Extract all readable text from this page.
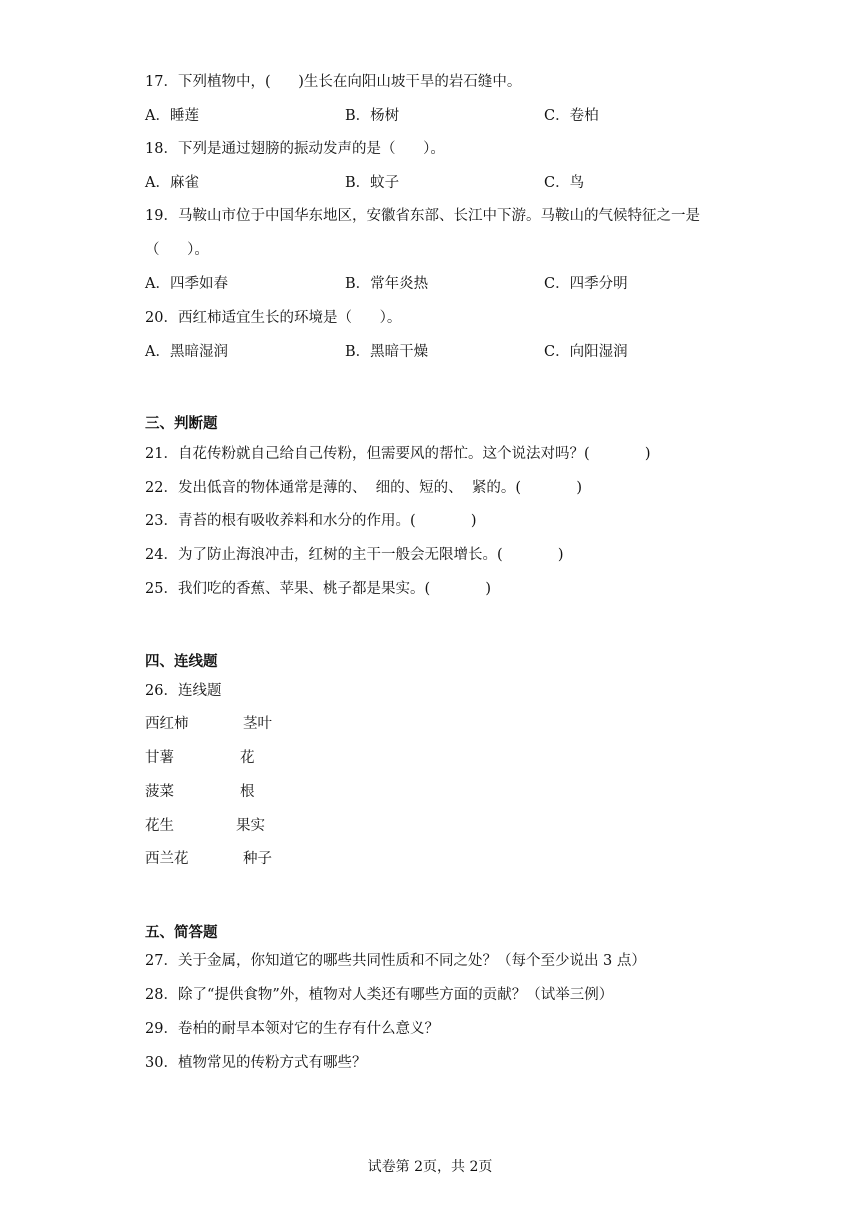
17．下列植物中，(      )生长在向阳山坡干旱的岩石缝中。
A．睡莲	B．杨树	C．卷柏
18．下列是通过翅膀的振动发声的是（      ）。
A．麻雀	B．蚊子	C．鸟
19．马鞍山市位于中国华东地区，安徽省东部、长江中下游。马鞍山的气候特征之一是
（      ）。
A．四季如春	B．常年炎热	C．四季分明
20．西红柿适宜生长的环境是（      ）。
A．黑暗湿润	B．黑暗干燥	C．向阳湿润
三、判断题
21．自花传粉就自己给自己传粉，但需要风的帮忙。这个说法对吗？(            )
22．发出低音的物体通常是薄的、  细的、短的、  紧的。(            )
23．青苔的根有吸收养料和水分的作用。(            )
24．为了防止海浪冲击，红树的主干一般会无限增长。(            )
25．我们吃的香蕉、苹果、桃子都是果实。(            )
四、连线题
26．连线题
西红柿	茎叶
甘薯	花
菠菜	根
花生	果实
西兰花	种子
五、简答题
27．关于金属，你知道它的哪些共同性质和不同之处？（每个至少说出 3 点）
28．除了“提供食物”外，植物对人类还有哪些方面的贡献？（试举三例）
29．卷柏的耐旱本领对它的生存有什么意义？
30．植物常见的传粉方式有哪些？
试卷第 2页，共 2页
